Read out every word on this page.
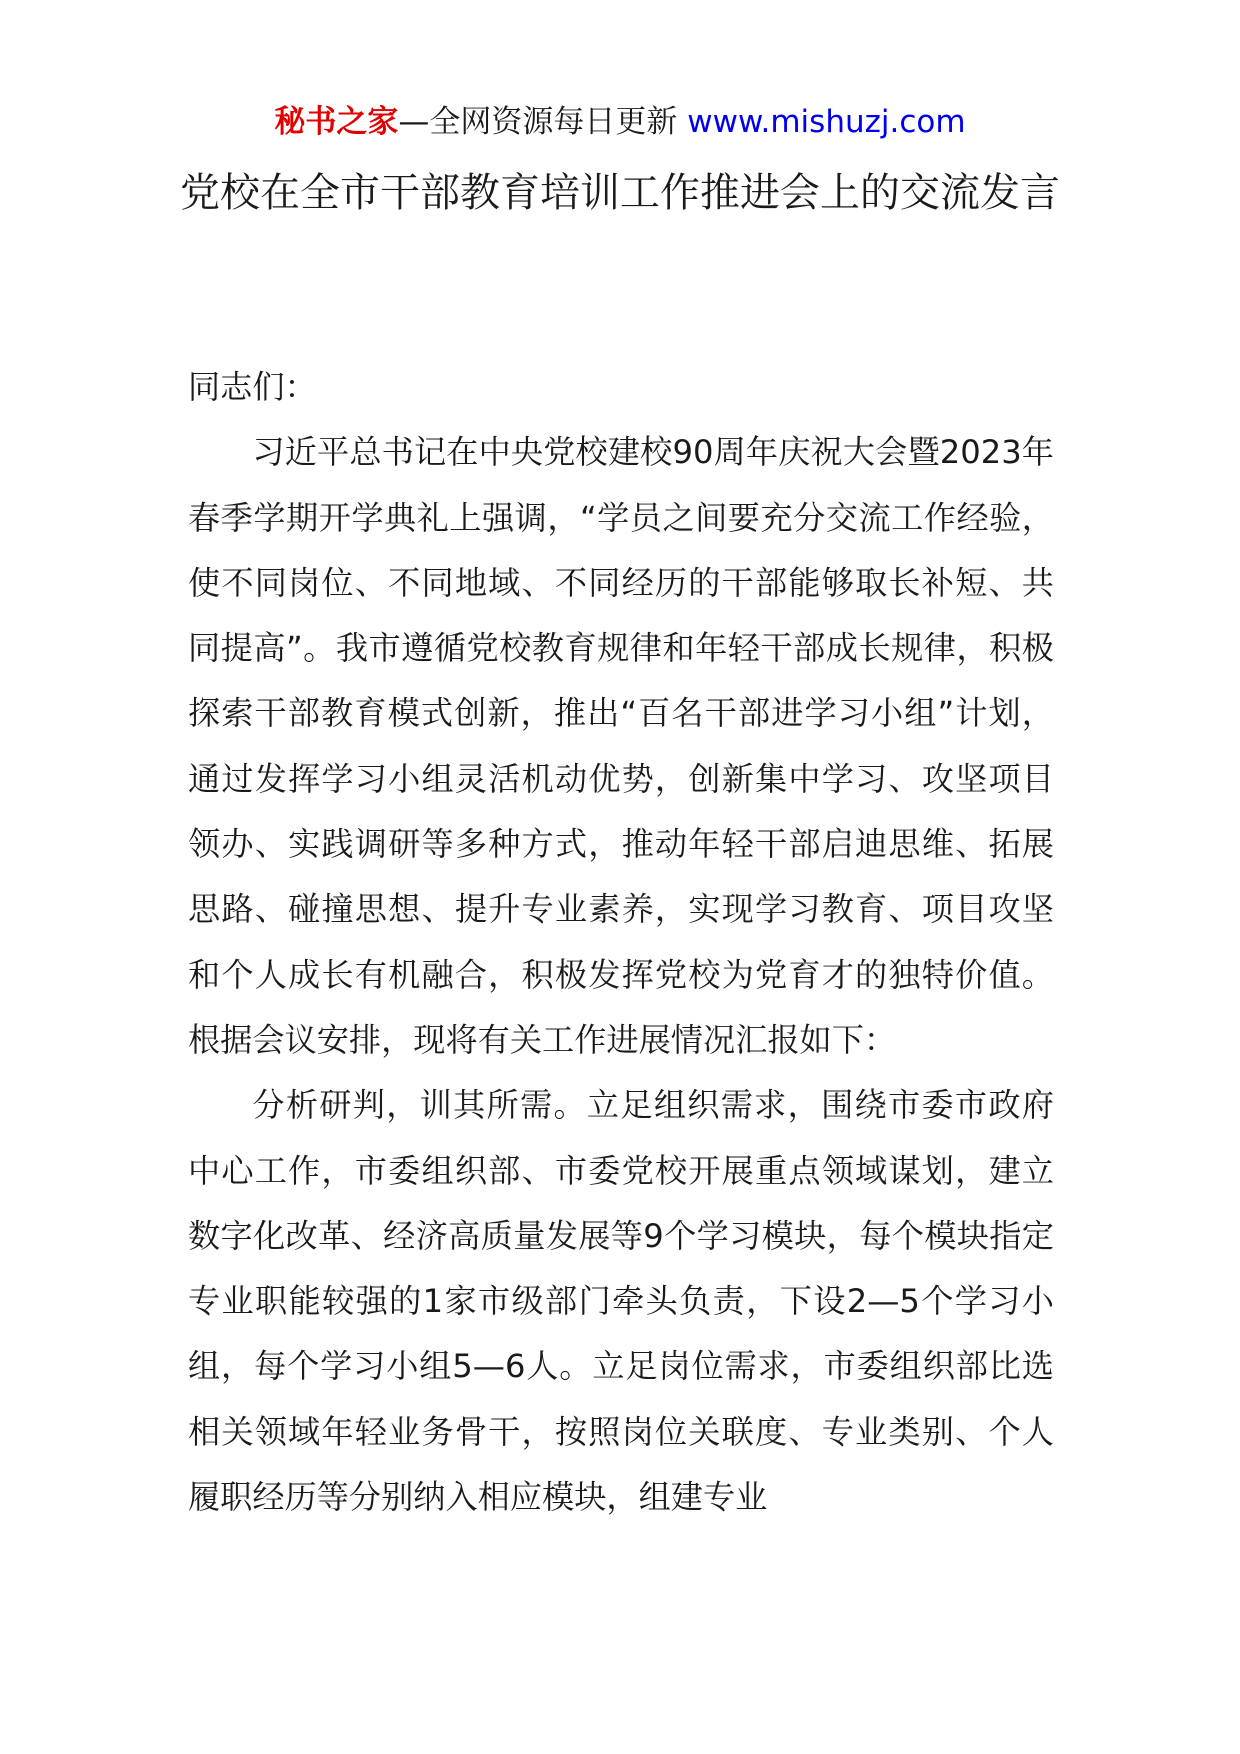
秘书之家—全网资源每日更新 www.mishuzj.com
党校在全市干部教育培训工作推进会上的交流发言

同志们：

习近平总书记在中央党校建校90周年庆祝大会暨2023年春季学期开学典礼上强调，“学员之间要充分交流工作经验，使不同岗位、不同地域、不同经历的干部能够取长补短、共同提高”。我市遵循党校教育规律和年轻干部成长规律，积极探索干部教育模式创新，推出“百名干部进学习小组”计划，通过发挥学习小组灵活机动优势，创新集中学习、攻坚项目领办、实践调研等多种方式，推动年轻干部启迪思维、拓展思路、碰撞思想、提升专业素养，实现学习教育、项目攻坚和个人成长有机融合，积极发挥党校为党育才的独特价值。根据会议安排，现将有关工作进展情况汇报如下：

分析研判，训其所需。立足组织需求，围绕市委市政府中心工作，市委组织部、市委党校开展重点领域谋划，建立数字化改革、经济高质量发展等9个学习模块，每个模块指定专业职能较强的1家市级部门牵头负责，下设2—5个学习小组，每个学习小组5—6人。立足岗位需求，市委组织部比选相关领域年轻业务骨干，按照岗位关联度、专业类别、个人履职经历等分别纳入相应模块，组建专业
